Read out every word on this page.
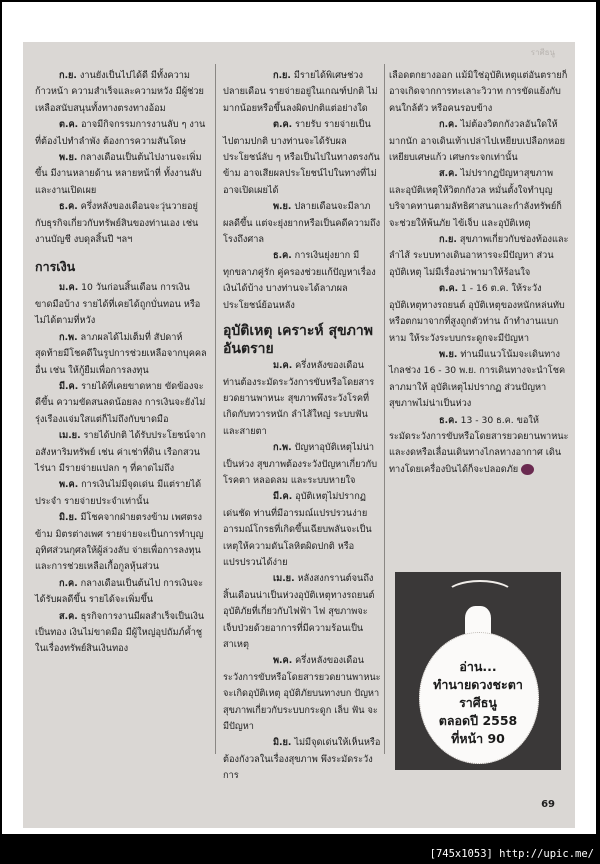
ราศีธนู

ก.ย. งานยังเป็นไปได้ดี มีทั้งความก้าวหน้า ความสำเร็จและความหวัง มีผู้ช่วยเหลือสนับสนุนทั้งทางตรงทางอ้อม

ต.ค. อาจมีกิจกรรมการงานลับ ๆ งานที่ต้องไปทำลำพัง ต้องการความสันโดษ

พ.ย. กลางเดือนเป็นต้นไปงานจะเพิ่มขึ้น มีงานหลายด้าน หลายหน้าที่ ทั้งงานลับและงานเปิดเผย

ธ.ค. ครึ่งหลังของเดือนจะวุ่นวายอยู่กับธุรกิจเกี่ยวกับทรัพย์สินของท่านเอง เช่น งานบัญชี งบดุลสิ้นปี ฯลฯ

การเงิน

ม.ค. 10 วันก่อนสิ้นเดือน การเงินขาดมือบ้าง รายได้ที่เคยได้ถูกบั่นทอน หรือไม่ได้ตามที่หวัง

ก.พ. ลาภผลได้ไม่เต็มที่ สัปดาห์สุดท้ายมีโชคดีในรูปการช่วยเหลือจากบุคคลอื่น เช่น ให้กู้ยืมเพื่อการลงทุน

มี.ค. รายได้ที่เคยขาดหาย ขัดข้องจะดีขึ้น ความขัดสนลดน้อยลง การเงินจะยังไม่รุ่งเรืองแจ่มใสแต่ก็ไม่ถึงกับขาดมือ

เม.ย. รายได้ปกติ ได้รับประโยชน์จากอสังหาริมทรัพย์ เช่น ค่าเช่าที่ดิน เรือกสวนไร่นา มีรายจ่ายแปลก ๆ ที่คาดไม่ถึง

พ.ค. การเงินไม่มีจุดเด่น มีแต่รายได้ประจำ รายจ่ายประจำเท่านั้น

มิ.ย. มีโชคจากฝ่ายตรงข้าม เพศตรงข้าม มิตรต่างเพศ รายจ่ายจะเป็นการทำบุญอุทิศส่วนกุศลให้ผู้ล่วงลับ จ่ายเพื่อการลงทุน และการช่วยเหลือเกื้อกูลหุ้นส่วน

ก.ค. กลางเดือนเป็นต้นไป การเงินจะได้รับผลดีขึ้น รายได้จะเพิ่มขึ้น

ส.ค. ธุรกิจการงานมีผลสำเร็จเป็นเงินเป็นทอง เงินไม่ขาดมือ มีผู้ใหญ่อุปถัมภ์ค้ำชูในเรื่องทรัพย์สินเงินทอง

ก.ย. มีรายได้พิเศษช่วงปลายเดือน รายจ่ายอยู่ในเกณฑ์ปกติ ไม่มากน้อยหรือขึ้นลงผิดปกติแต่อย่างใด

ต.ค. รายรับ รายจ่ายเป็นไปตามปกติ บางท่านจะได้รับผลประโยชน์ลับ ๆ หรือเป็นไปในทางตรงกันข้าม อาจเสียผลประโยชน์ไปในทางที่ไม่อาจเปิดเผยได้

พ.ย. ปลายเดือนจะมีลาภผลดีขึ้น แต่จะยุ่งยากหรือเป็นคดีความถึงโรงถึงศาล

ธ.ค. การเงินยุ่งยาก มีทุกขลาภคู่รัก คู่ครองช่วยแก้ปัญหาเรื่องเงินได้บ้าง บางท่านจะได้ลาภผลประโยชน์ย้อนหลัง

อุบัติเหตุ เคราะห์ สุขภาพ อันตราย

ม.ค. ครึ่งหลังของเดือนท่านต้องระมัดระวังการขับหรือโดยสารยวดยานพาหนะ สุขภาพพึงระวังโรคที่เกิดกับทวารหนัก ลำไส้ใหญ่ ระบบฟันและสายตา

ก.พ. ปัญหาอุบัติเหตุไม่น่าเป็นห่วง สุขภาพต้องระวังปัญหาเกี่ยวกับโรคตา หลอดลม และระบบหายใจ

มี.ค. อุบัติเหตุไม่ปรากฏเด่นชัด ท่านที่มีอารมณ์แปรปรวนง่าย อารมณ์โกรธที่เกิดขึ้นเฉียบพลันจะเป็นเหตุให้ความดันโลหิตผิดปกติ หรือแปรปรวนได้ง่าย

เม.ย. หลังสงกรานต์จนถึงสิ้นเดือนน่าเป็นห่วงอุบัติเหตุทางรถยนต์ อุบัติภัยที่เกี่ยวกับไฟฟ้า ไฟ สุขภาพจะเจ็บป่วยด้วยอาการที่มีความร้อนเป็นสาเหตุ

พ.ค. ครึ่งหลังของเดือน ระวังการขับหรือโดยสารยวดยานพาหนะ จะเกิดอุบัติเหตุ อุบัติภัยบนทางบก ปัญหาสุขภาพเกี่ยวกับระบบกระดูก เล็บ ฟัน จะมีปัญหา

มิ.ย. ไม่มีจุดเด่นให้เห็นหรือต้องกังวลในเรื่องสุขภาพ พึงระมัดระวังการ

เลือดตกยางออก แม้มิใช่อุบัติเหตุแต่อันตรายก็อาจเกิดจากการทะเลาะวิวาท การขัดแย้งกับคนใกล้ตัว หรือคนรอบข้าง

ก.ค. ไม่ต้องวิตกกังวลอันใดให้มากนัก อาจเดินเท้าเปล่าไปเหยียบเปลือกหอย เหยียบเศษแก้ว เศษกระจกเท่านั้น

ส.ค. ไม่ปรากฏปัญหาสุขภาพและอุบัติเหตุให้วิตกกังวล หมั่นตั้งใจทำบุญบริจาคทานตามลัทธิศาสนาและกำลังทรัพย์ก็จะช่วยให้พ้นภัย ไข้เจ็บ และอุบัติเหตุ

ก.ย. สุขภาพเกี่ยวกับช่องท้องและลำไส้ ระบบทางเดินอาหารจะมีปัญหา ส่วนอุบัติเหตุ ไม่มีเรื่องน่าพามาให้ร้อนใจ

ต.ค. 1 - 16 ต.ค. ให้ระวังอุบัติเหตุทางรถยนต์ อุบัติเหตุของหนักหล่นทับ หรือตกมาจากที่สูงถูกตัวท่าน ถ้าทำงานแบกหาม ให้ระวังระบบกระดูกจะมีปัญหา

พ.ย. ท่านมีแนวโน้มจะเดินทางไกลช่วง 16 - 30 พ.ย. การเดินทางจะนำโชคลาภมาให้ อุบัติเหตุไม่ปรากฏ ส่วนปัญหาสุขภาพไม่น่าเป็นห่วง

ธ.ค. 13 - 30 ธ.ค. ขอให้ระมัดระวังการขับหรือโดยสารยวดยานพาหนะ และงดหรือเลื่อนเดินทางไกลทางอากาศ เดินทางโดยเครื่องบินได้ก็จะปลอดภัย

อ่าน...
ทำนายดวงชะตา
ราศีธนู
ตลอดปี 2558
ที่หน้า 90
69
[745x1053] http://upic.me/
